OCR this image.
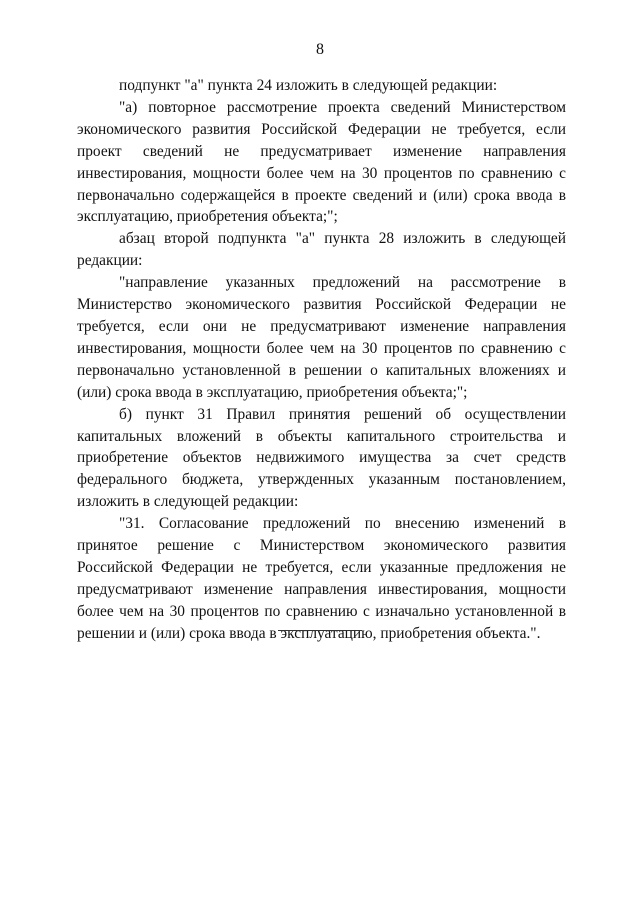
8

подпункт "а" пункта 24 изложить в следующей редакции:

"а) повторное рассмотрение проекта сведений Министерством экономического развития Российской Федерации не требуется, если проект сведений не предусматривает изменение направления инвестирования, мощности более чем на 30 процентов по сравнению с первоначально содержащейся в проекте сведений и (или) срока ввода в эксплуатацию, приобретения объекта;";

абзац второй подпункта "а" пункта 28 изложить в следующей редакции:

"направление указанных предложений на рассмотрение в Министерство экономического развития Российской Федерации не требуется, если они не предусматривают изменение направления инвестирования, мощности более чем на 30 процентов по сравнению с первоначально установленной в решении о капитальных вложениях и (или) срока ввода в эксплуатацию, приобретения объекта;";

б) пункт 31 Правил принятия решений об осуществлении капитальных вложений в объекты капитального строительства и приобретение объектов недвижимого имущества за счет средств федерального бюджета, утвержденных указанным постановлением, изложить в следующей редакции:

"31. Согласование предложений по внесению изменений в принятое решение с Министерством экономического развития Российской Федерации не требуется, если указанные предложения не предусматривают изменение направления инвестирования, мощности более чем на 30 процентов по сравнению с изначально установленной в решении и (или) срока ввода в эксплуатацию, приобретения объекта.".
